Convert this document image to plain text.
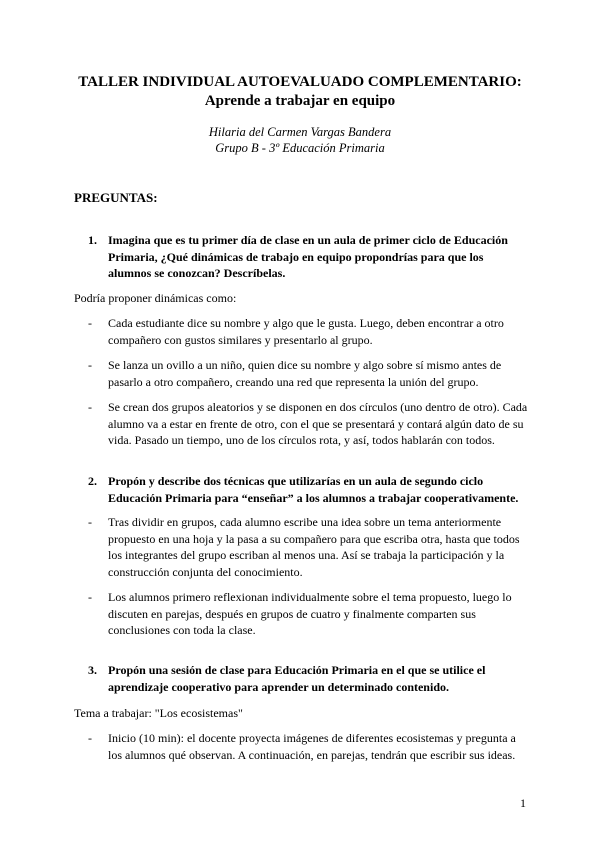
TALLER INDIVIDUAL AUTOEVALUADO COMPLEMENTARIO:
Aprende a trabajar en equipo
Hilaria del Carmen Vargas Bandera
Grupo B - 3º Educación Primaria
PREGUNTAS:
1. Imagina que es tu primer día de clase en un aula de primer ciclo de Educación Primaria, ¿Qué dinámicas de trabajo en equipo propondrías para que los alumnos se conozcan? Descríbelas.
Podría proponer dinámicas como:
- Cada estudiante dice su nombre y algo que le gusta. Luego, deben encontrar a otro compañero con gustos similares y presentarlo al grupo.
- Se lanza un ovillo a un niño, quien dice su nombre y algo sobre sí mismo antes de pasarlo a otro compañero, creando una red que representa la unión del grupo.
- Se crean dos grupos aleatorios y se disponen en dos círculos (uno dentro de otro). Cada alumno va a estar en frente de otro, con el que se presentará y contará algún dato de su vida. Pasado un tiempo, uno de los círculos rota, y así, todos hablarán con todos.
2. Propón y describe dos técnicas que utilizarías en un aula de segundo ciclo Educación Primaria para “enseñar” a los alumnos a trabajar cooperativamente.
- Tras dividir en grupos, cada alumno escribe una idea sobre un tema anteriormente propuesto en una hoja y la pasa a su compañero para que escriba otra, hasta que todos los integrantes del grupo escriban al menos una. Así se trabaja la participación y la construcción conjunta del conocimiento.
- Los alumnos primero reflexionan individualmente sobre el tema propuesto, luego lo discuten en parejas, después en grupos de cuatro y finalmente comparten sus conclusiones con toda la clase.
3. Propón una sesión de clase para Educación Primaria en el que se utilice el aprendizaje cooperativo para aprender un determinado contenido.
Tema a trabajar: "Los ecosistemas"
- Inicio (10 min): el docente proyecta imágenes de diferentes ecosistemas y pregunta a los alumnos qué observan. A continuación, en parejas, tendrán que escribir sus ideas.
1
